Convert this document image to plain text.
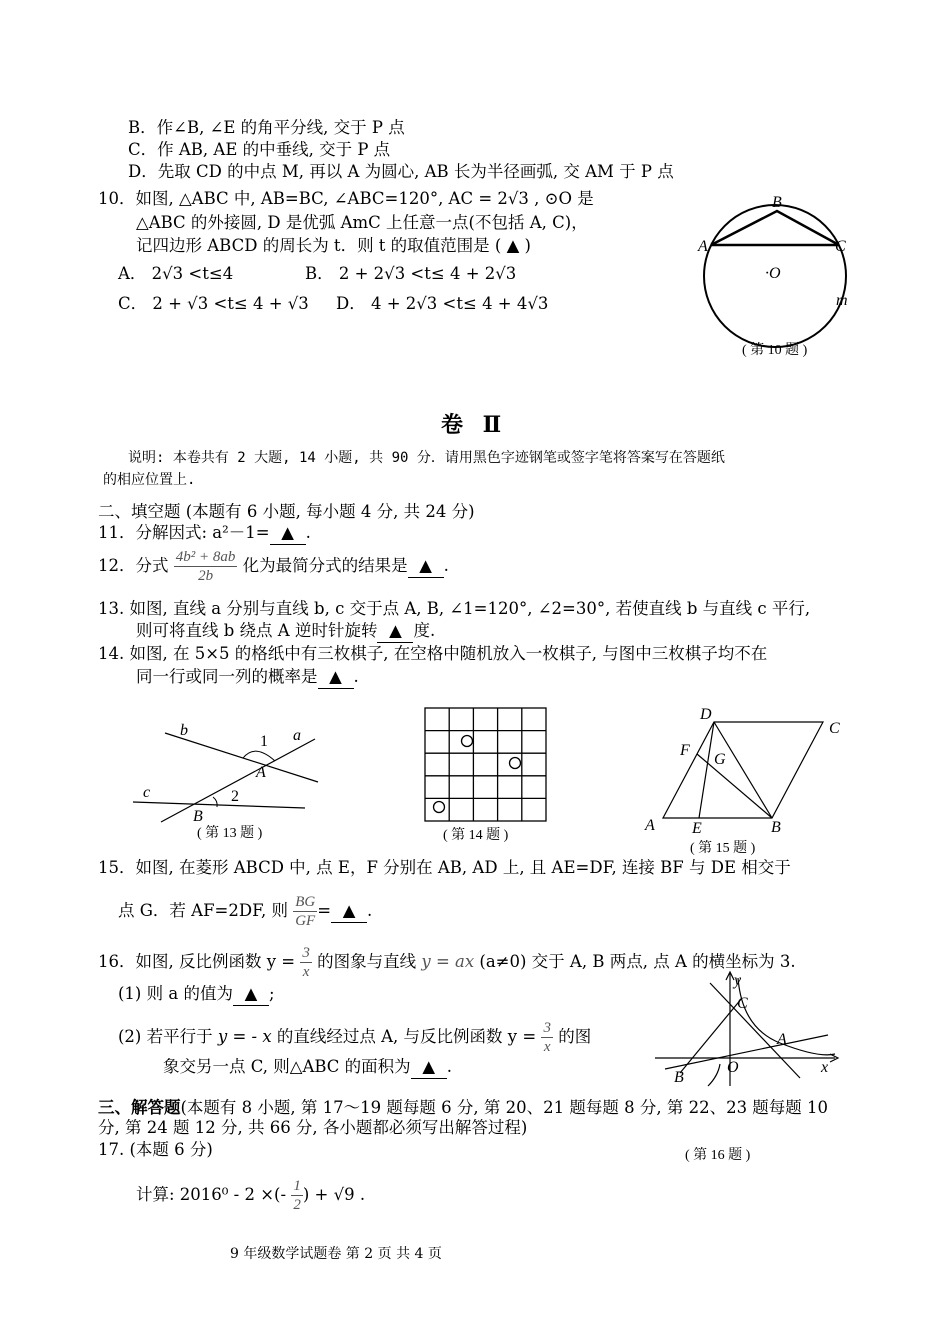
B．作∠B, ∠E 的角平分线, 交于 P 点
C．作 AB, AE 的中垂线, 交于 P 点
D．先取 CD 的中点 M, 再以 A 为圆心, AB 长为半径画弧, 交 AM 于 P 点
10．如图, △ABC 中, AB=BC, ∠ABC=120°, AC = 2√3 , ⊙O 是
△ABC 的外接圆, D 是优弧 AmC 上任意一点(不包括 A, C)，
记四边形 ABCD 的周长为 t．则 t 的取值范围是 ( ▲ )
A． 2√3 <t≤4	B． 2 + 2√3 <t≤ 4 + 2√3
C． 2 + √3 <t≤ 4 + √3 D． 4 + 2√3 <t≤ 4 + 4√3
B
A	C
·O
m
( 第 10 题 )
卷 Ⅱ
说明: 本卷共有 2 大题, 14 小题, 共 90 分．请用黑色字迹钢笔或签字笔将答案写在答题纸
的相应位置上.
二、填空题 (本题有 6 小题, 每小题 4 分, 共 24 分)
11．分解因式: a²－1= ▲ .
12．分式 $\frac{\text{4b² + 8ab}}{2b}$ 化为最简分式的结果是 ▲ .
13. 如图, 直线 a 分别与直线 b, c 交于点 A, B, ∠1=120°, ∠2=30°, 若使直线 b 与直线 c 平行,
则可将直线 b 绕点 A 逆时针旋转 ▲ 度.
14. 如图, 在 5×5 的格纸中有三枚棋子, 在空格中随机放入一枚棋子, 与图中三枚棋子均不在
同一行或同一列的概率是 ▲ .
b	a
1
A
c	2
B
( 第 13 题 )	( 第 14 题 )
D
C
F
G
A E	B
( 第 15 题 )
15．如图, 在菱形 ABCD 中, 点 E，F 分别在 AB, AD 上, 且 AE=DF, 连接 BF 与 DE 相交于
点 G．若 AF=2DF, 则 $\frac{BG}{GF}$ = ▲ .
16．如图, 反比例函数 $y = \frac{3}{x}$ 的图象与直线 y = ax (a≠0) 交于 A, B 两点, 点 A 的横坐标为 3.
(1) 则 a 的值为 ▲ ;
(2) 若平行于 y = - x 的直线经过点 A, 与反比例函数 $y = \frac{3}{x}$ 的图
象交另一点 C, 则△ABC 的面积为 ▲ .
y
C
A
B
O	x
三、解答题(本题有 8 小题, 第 17～19 题每题 6 分, 第 20、21 题每题 8 分, 第 22、23 题每题 10
分, 第 24 题 12 分, 共 66 分, 各小题都必须写出解答过程)
17. (本题 6 分)	( 第 16 题 )
计算: 2016⁰ - 2 ×(- $\frac{1}{2}$ ) + √9 .
9 年级数学试题卷 第 2 页 共 4 页
